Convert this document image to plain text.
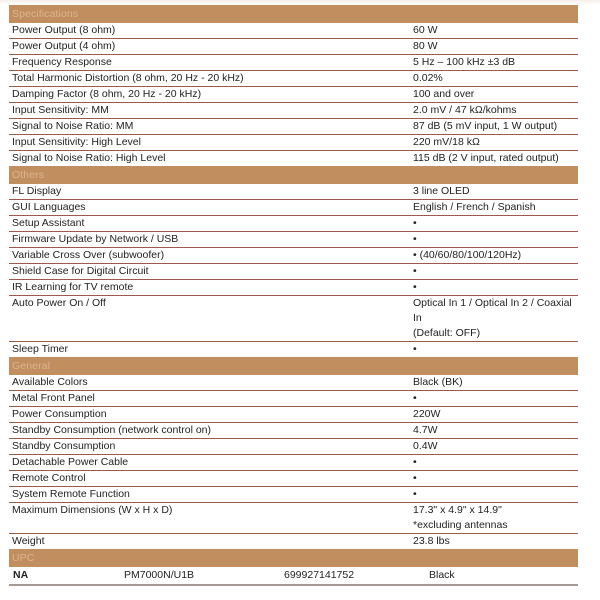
Specifications
Power Output (8 ohm)	60 W
Power Output (4 ohm)	80 W
Frequency Response	5 Hz – 100 kHz ±3 dB
Total Harmonic Distortion (8 ohm, 20 Hz - 20 kHz)	0.02%
Damping Factor (8 ohm, 20 Hz - 20 kHz)	100 and over
Input Sensitivity: MM	2.0 mV / 47 kΩ/kohms
Signal to Noise Ratio: MM	87 dB (5 mV input, 1 W output)
Input Sensitivity: High Level	220 mV/18 kΩ
Signal to Noise Ratio: High Level	115 dB (2 V input, rated output)
Others
FL Display	3 line OLED
GUI Languages	English / French / Spanish
Setup Assistant	•
Firmware Update by Network / USB	•
Variable Cross Over (subwoofer)	• (40/60/80/100/120Hz)
Shield Case for Digital Circuit	•
IR Learning for TV remote	•
Auto Power On / Off	Optical In 1 / Optical In 2 / Coaxial In
(Default: OFF)
Sleep Timer	•
General
Available Colors	Black (BK)
Metal Front Panel	•
Power Consumption	220W
Standby Consumption (network control on)	4.7W
Standby Consumption	0.4W
Detachable Power Cable	•
Remote Control	•
System Remote Function	•
Maximum Dimensions (W x H x D)	17.3" x 4.9" x 14.9"
*excluding antennas
Weight	23.8 lbs
UPC
NA	PM7000N/U1B	699927141752	Black
